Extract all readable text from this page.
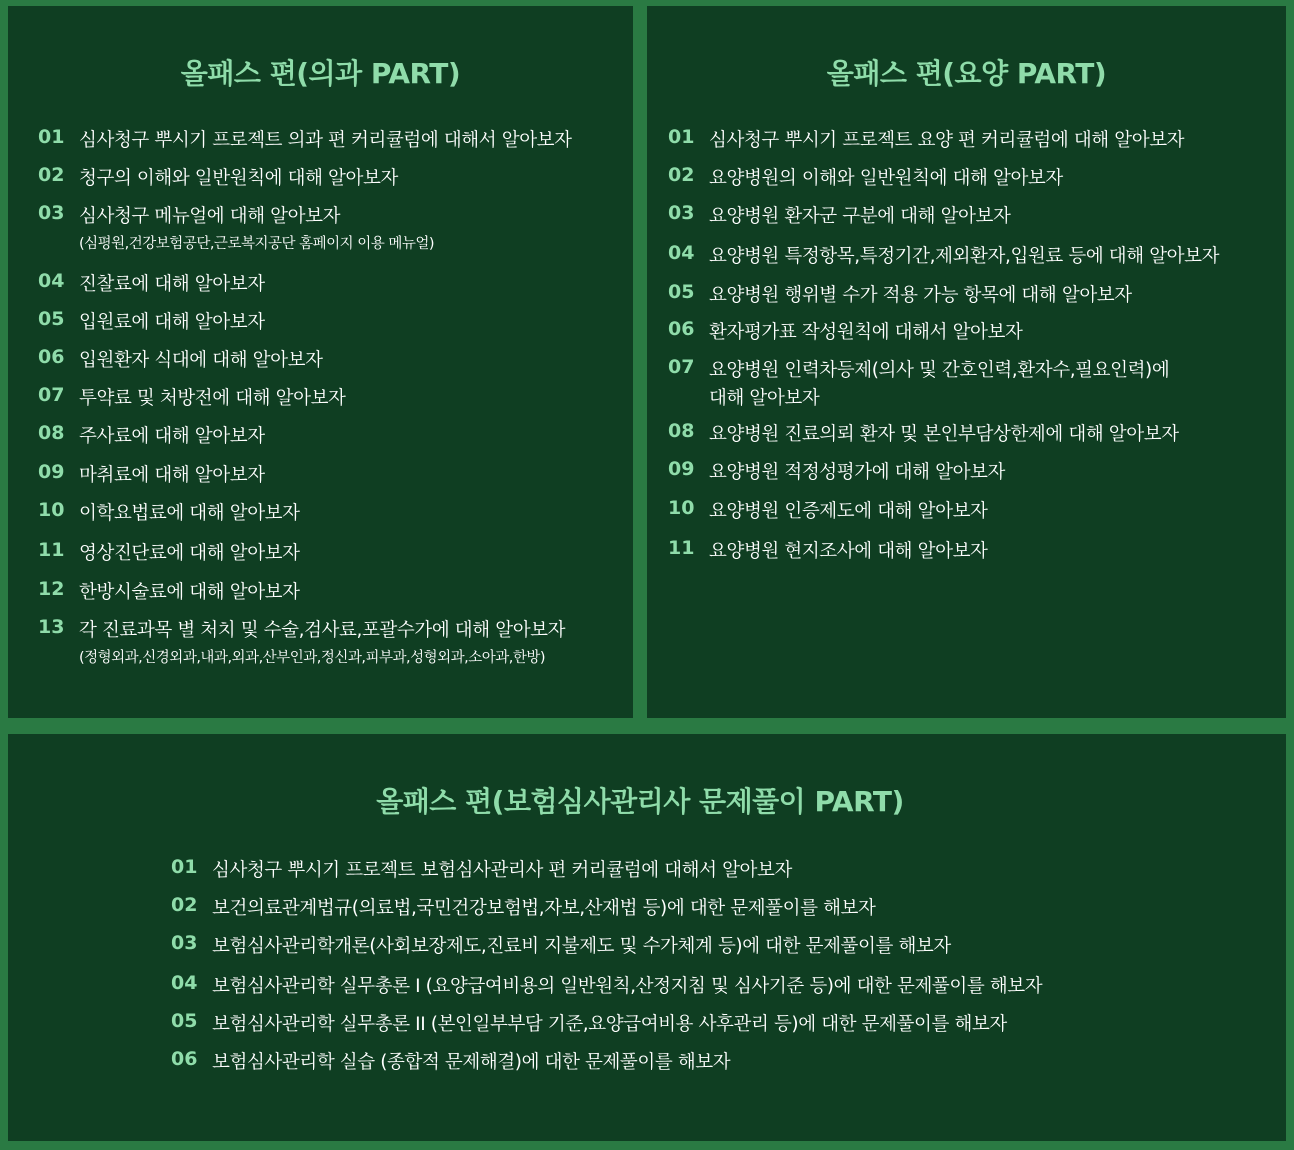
올패스 편(의과 PART)
01 심사청구 뿌시기 프로젝트 의과 편 커리큘럼에 대해서 알아보자
02 청구의 이해와 일반원칙에 대해 알아보자
03 심사청구 메뉴얼에 대해 알아보자
(심평원,건강보험공단,근로복지공단 홈페이지 이용 메뉴얼)
04 진찰료에 대해 알아보자
05 입원료에 대해 알아보자
06 입원환자 식대에 대해 알아보자
07 투약료 및 처방전에 대해 알아보자
08 주사료에 대해 알아보자
09 마취료에 대해 알아보자
10 이학요법료에 대해 알아보자
11 영상진단료에 대해 알아보자
12 한방시술료에 대해 알아보자
13 각 진료과목 별 처치 및 수술,검사료,포괄수가에 대해 알아보자
(정형외과,신경외과,내과,외과,산부인과,정신과,피부과,성형외과,소아과,한방)
올패스 편(요양 PART)
01 심사청구 뿌시기 프로젝트 요양 편 커리큘럼에 대해 알아보자
02 요양병원의 이해와 일반원칙에 대해 알아보자
03 요양병원 환자군 구분에 대해 알아보자
04 요양병원 특정항목,특정기간,제외환자,입원료 등에 대해 알아보자
05 요양병원 행위별 수가 적용 가능 항목에 대해 알아보자
06 환자평가표 작성원칙에 대해서 알아보자
07 요양병원 인력차등제(의사 및 간호인력,환자수,필요인력)에
대해 알아보자
08 요양병원 진료의뢰 환자 및 본인부담상한제에 대해 알아보자
09 요양병원 적정성평가에 대해 알아보자
10 요양병원 인증제도에 대해 알아보자
11 요양병원 현지조사에 대해 알아보자
올패스 편(보험심사관리사 문제풀이 PART)
01 심사청구 뿌시기 프로젝트 보험심사관리사 편 커리큘럼에 대해서 알아보자
02 보건의료관계법규(의료법,국민건강보험법,자보,산재법 등)에 대한 문제풀이를 해보자
03 보험심사관리학개론(사회보장제도,진료비 지불제도 및 수가체계 등)에 대한 문제풀이를 해보자
04 보험심사관리학 실무총론 I (요양급여비용의 일반원칙,산정지침 및 심사기준 등)에 대한 문제풀이를 해보자
05 보험심사관리학 실무총론 II (본인일부부담 기준,요양급여비용 사후관리 등)에 대한 문제풀이를 해보자
06 보험심사관리학 실습 (종합적 문제해결)에 대한 문제풀이를 해보자
